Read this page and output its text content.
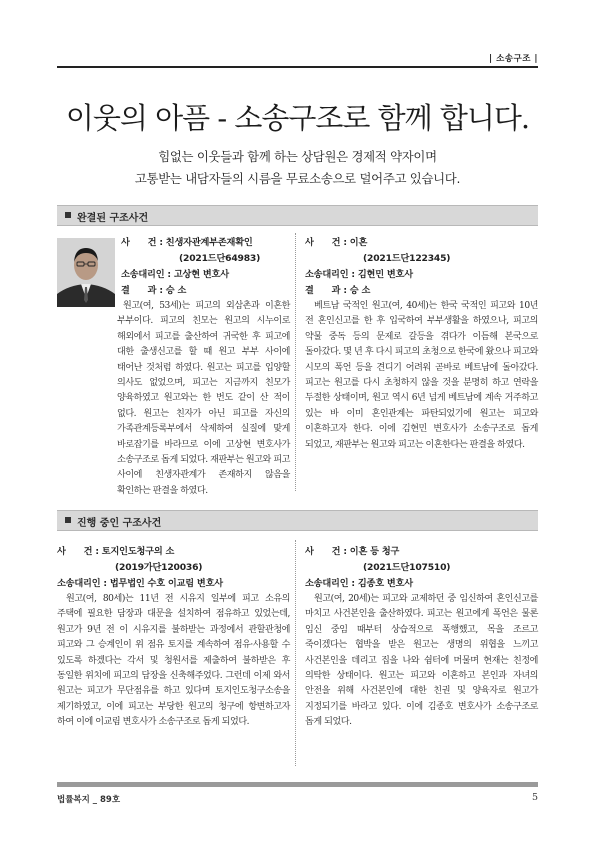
| 소송구조 |
이웃의 아픔 - 소송구조로 함께 합니다.
힘없는 이웃들과 함께 하는 상담원은 경제적 약자이며
고통받는 내담자들의 시름을 무료소송으로 덜어주고 있습니다.
완결된 구조사건
사　　건 : 친생자관계부존재확인
(2021드단64983)
소송대리인 : 고상현 변호사
결　　과 : 승 소

원고(여, 53세)는 피고의 외삼촌과 이혼한 부부이다. 피고의 친모는 원고의 시누이로 해외에서 피고를 출산하여 귀국한 후 피고에 대한 출생신고를 할 때 원고 부부 사이에 태어난 것처럼 하였다. 원고는 피고를 입양할 의사도 없었으며, 피고는 지금까지 친모가 양육하였고 원고와는 한 번도 같이 산 적이 없다. 원고는 친자가 아닌 피고를 자신의 가족관계등록부에서 삭제하여 실질에 맞게 바로잡기를 바라므로 이에 고상현 변호사가 소송구조로 돕게 되었다. 재판부는 원고와 피고 사이에 친생자관계가 존재하지 않음을 확인하는 판결을 하였다.

사　　건 : 이혼
(2021드단122345)
소송대리인 : 김현민 변호사
결　　과 : 승 소

베트남 국적인 원고(여, 40세)는 한국 국적인 피고와 10년 전 혼인신고를 한 후 입국하여 부부생활을 하였으나, 피고의 약물 중독 등의 문제로 갈등을 겪다가 이듬해 본국으로 돌아갔다. 몇 년 후 다시 피고의 초청으로 한국에 왔으나 피고와 시모의 폭언 등을 견디기 어려워 곧바로 베트남에 돌아갔다. 피고는 원고를 다시 초청하지 않을 것을 분명히 하고 연락을 두절한 상태이며, 원고 역시 6년 넘게 베트남에 계속 거주하고 있는 바 이미 혼인관계는 파탄되었기에 원고는 피고와 이혼하고자 한다. 이에 김현민 변호사가 소송구조로 돕게 되었고, 재판부는 원고와 피고는 이혼한다는 판결을 하였다.

진행 중인 구조사건
사　　건 : 토지인도청구의 소
(2019가단120036)
소송대리인 : 법무법인 수호 이교림 변호사

원고(여, 80세)는 11년 전 시유지 일부에 피고 소유의 주택에 필요한 담장과 대문을 설치하여 점유하고 있었는데, 원고가 9년 전 이 시유지를 불하받는 과정에서 관할관청에 피고와 그 승계인이 위 점유 토지를 계속하여 점유·사용할 수 있도록 하겠다는 각서 및 청원서를 제출하여 불하받은 후 동일한 위치에 피고의 담장을 신축해주었다. 그런데 이제 와서 원고는 피고가 무단점유를 하고 있다며 토지인도청구소송을 제기하였고, 이에 피고는 부당한 원고의 청구에 항변하고자 하여 이에 이교림 변호사가 소송구조로 돕게 되었다.

사　　건 : 이혼 등 청구
(2021드단107510)
소송대리인 : 김종호 변호사

원고(여, 20세)는 피고와 교제하던 중 임신하여 혼인신고를 마치고 사건본인을 출산하였다. 피고는 원고에게 폭언은 물론 임신 중임 때부터 상습적으로 폭행했고, 목을 조르고 죽이겠다는 협박을 받은 원고는 생명의 위협을 느끼고 사건본인을 데리고 집을 나와 쉼터에 머물며 현재는 친정에 의탁한 상태이다. 원고는 피고와 이혼하고 본인과 자녀의 안전을 위해 사건본인에 대한 친권 및 양육자로 원고가 지정되기를 바라고 있다. 이에 김종호 변호사가 소송구조로 돕게 되었다.

법률복지 _ 89호	5
